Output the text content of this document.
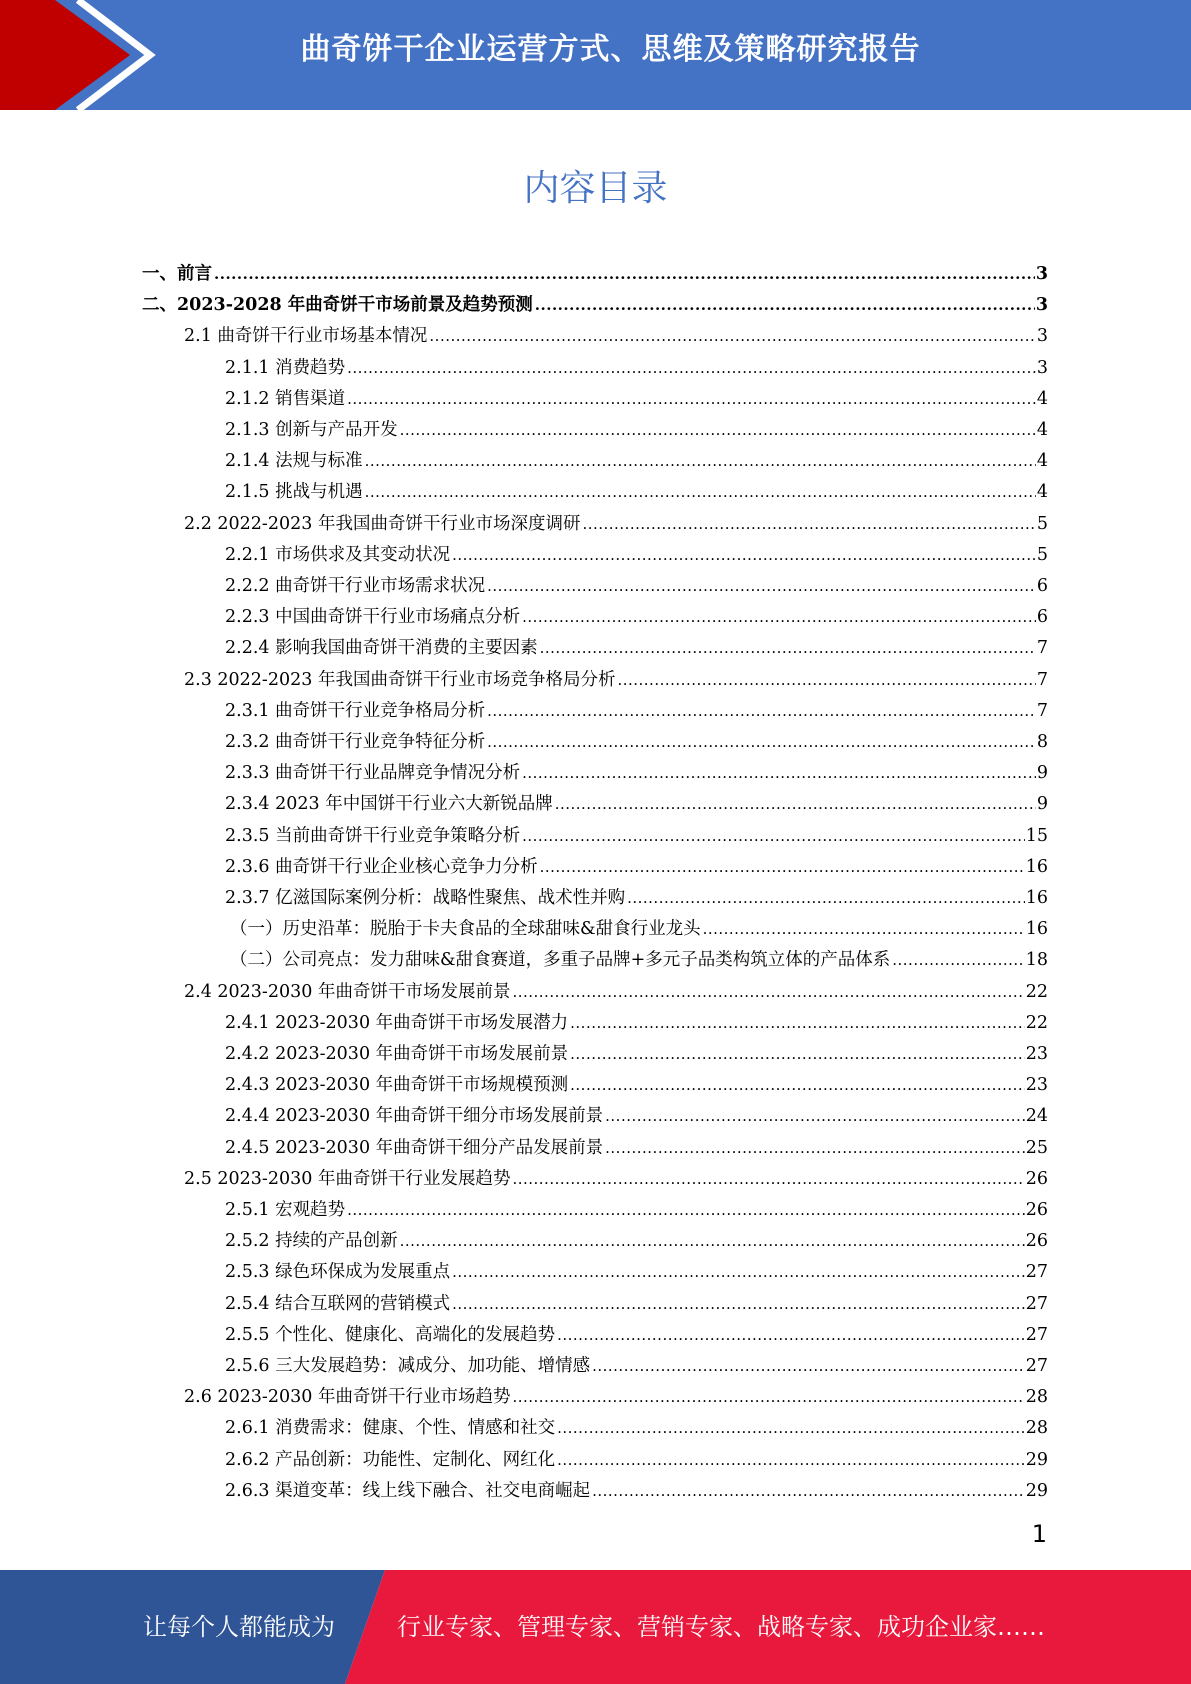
曲奇饼干企业运营方式、思维及策略研究报告
内容目录
一、前言 .....	3
二、2023-2028 年曲奇饼干市场前景及趋势预测 .....	3
2.1 曲奇饼干行业市场基本情况 .....	3
2.1.1 消费趋势 .....	3
2.1.2 销售渠道 .....	4
2.1.3 创新与产品开发 .....	4
2.1.4 法规与标准 .....	4
2.1.5 挑战与机遇 .....	4
2.2 2022-2023 年我国曲奇饼干行业市场深度调研 .....	5
2.2.1 市场供求及其变动状况 .....	5
2.2.2 曲奇饼干行业市场需求状况 .....	6
2.2.3 中国曲奇饼干行业市场痛点分析 .....	6
2.2.4 影响我国曲奇饼干消费的主要因素 .....	7
2.3 2022-2023 年我国曲奇饼干行业市场竞争格局分析 .....	7
2.3.1 曲奇饼干行业竞争格局分析 .....	7
2.3.2 曲奇饼干行业竞争特征分析 .....	8
2.3.3 曲奇饼干行业品牌竞争情况分析 .....	9
2.3.4 2023 年中国饼干行业六大新锐品牌 .....	9
2.3.5 当前曲奇饼干行业竞争策略分析 .....	15
2.3.6 曲奇饼干行业企业核心竞争力分析 .....	16
2.3.7 亿滋国际案例分析：战略性聚焦、战术性并购 .....	16
（一）历史沿革：脱胎于卡夫食品的全球甜味&甜食行业龙头 .....	16
（二）公司亮点：发力甜味&甜食赛道，多重子品牌+多元子品类构筑立体的产品体系 .....	18
2.4 2023-2030 年曲奇饼干市场发展前景 .....	22
2.4.1 2023-2030 年曲奇饼干市场发展潜力 .....	22
2.4.2 2023-2030 年曲奇饼干市场发展前景 .....	23
2.4.3 2023-2030 年曲奇饼干市场规模预测 .....	23
2.4.4 2023-2030 年曲奇饼干细分市场发展前景 .....	24
2.4.5 2023-2030 年曲奇饼干细分产品发展前景 .....	25
2.5 2023-2030 年曲奇饼干行业发展趋势 .....	26
2.5.1 宏观趋势 .....	26
2.5.2 持续的产品创新 .....	26
2.5.3 绿色环保成为发展重点 .....	27
2.5.4 结合互联网的营销模式 .....	27
2.5.5 个性化、健康化、高端化的发展趋势 .....	27
2.5.6 三大发展趋势：减成分、加功能、增情感 .....	27
2.6 2023-2030 年曲奇饼干行业市场趋势 .....	28
2.6.1 消费需求：健康、个性、情感和社交 .....	28
2.6.2 产品创新：功能性、定制化、网红化 .....	29
2.6.3 渠道变革：线上线下融合、社交电商崛起 .....	29
1
让每个人都能成为	行业专家、管理专家、营销专家、战略专家、成功企业家……
